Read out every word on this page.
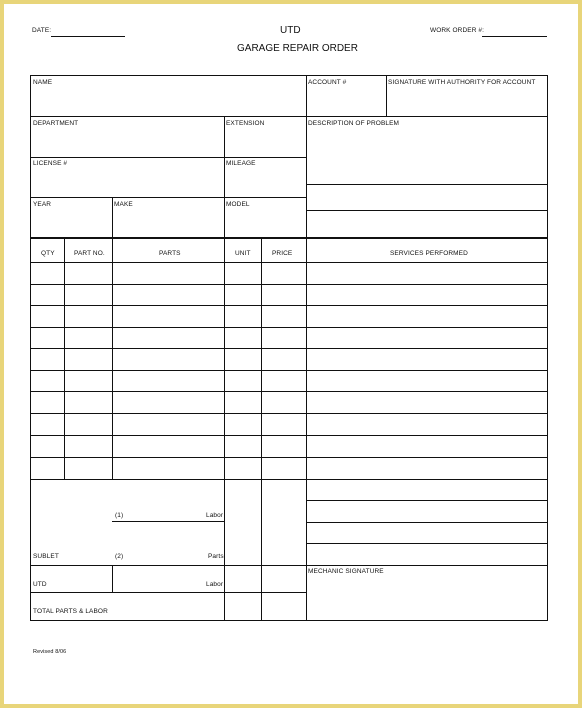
DATE:	UTD
GARAGE REPAIR ORDER
WORK ORDER #:
NAME	ACCOUNT #	SIGNATURE WITH AUTHORITY FOR ACCOUNT
DEPARTMENT	EXTENSION	DESCRIPTION OF PROBLEM
LICENSE #	MILEAGE
YEAR	MAKE	MODEL
QTY	PART NO.	PARTS	UNIT	PRICE	SERVICES PERFORMED
(1)	Labor
SUBLET	(2)	Parts
UTD	Labor
MECHANIC SIGNATURE
TOTAL PARTS & LABOR
Revised 8/06
